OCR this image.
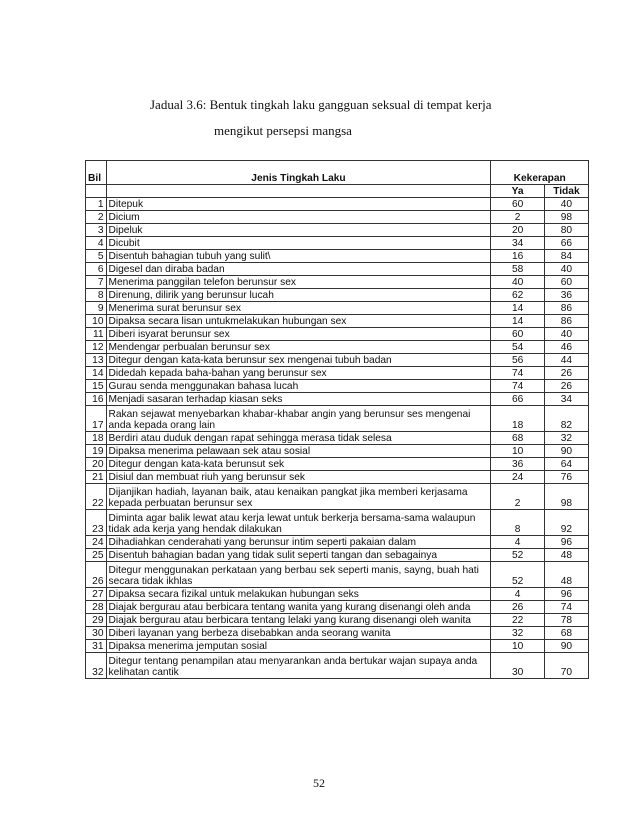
Jadual 3.6: Bentuk tingkah laku gangguan seksual di tempat kerja
mengikut persepsi mangsa
Bil	Jenis Tingkah Laku	Kekerapan	
		Ya	Tidak
1	Ditepuk	60	40
2	Dicium	2	98
3	Dipeluk	20	80
4	Dicubit	34	66
5	Disentuh bahagian tubuh yang sulit\	16	84
6	Digesel dan diraba badan	58	40
7	Menerima panggilan telefon berunsur sex	40	60
8	Direnung, dilirik yang berunsur lucah	62	36
9	Menerima surat berunsur sex	14	86
10	Dipaksa secara lisan untukmelakukan hubungan sex	14	86
11	Diberi isyarat berunsur sex	60	40
12	Mendengar perbualan berunsur sex	54	46
13	Ditegur dengan kata-kata berunsur sex mengenai tubuh badan	56	44
14	Didedah kepada baha-bahan yang berunsur sex	74	26
15	Gurau senda menggunakan bahasa lucah	74	26
16	Menjadi sasaran terhadap kiasan seks	66	34
17	Rakan sejawat menyebarkan khabar-khabar angin yang berunsur ses mengenai anda kepada orang lain	18	82
18	Berdiri atau duduk dengan rapat sehingga merasa tidak selesa	68	32
19	Dipaksa menerima pelawaan sek atau sosial	10	90
20	Ditegur dengan kata-kata berunsut sek	36	64
21	Disiul dan membuat riuh yang berunsur sek	24	76
22	Dijanjikan hadiah, layanan baik, atau kenaikan pangkat jika memberi kerjasama kepada perbuatan berunsur sex	2	98
23	Diminta agar balik lewat atau kerja lewat untuk berkerja bersama-sama walaupun tidak ada kerja yang hendak dilakukan	8	92
24	Dihadiahkan cenderahati yang berunsur intim seperti pakaian dalam	4	96
25	Disentuh bahagian badan yang tidak sulit seperti tangan dan sebagainya	52	48
26	Ditegur menggunakan perkataan yang berbau sek seperti manis, sayng, buah hati secara tidak ikhlas	52	48
27	Dipaksa secara fizikal untuk melakukan hubungan seks	4	96
28	Diajak bergurau atau berbicara tentang wanita yang kurang disenangi oleh anda	26	74
29	Diajak bergurau atau berbicara tentang lelaki yang kurang disenangi oleh wanita	22	78
30	Diberi layanan yang berbeza disebabkan anda seorang wanita	32	68
31	Dipaksa menerima jemputan sosial	10	90
32	Ditegur tentang penampilan atau menyarankan anda bertukar wajan supaya anda kelihatan cantik	30	70
52
